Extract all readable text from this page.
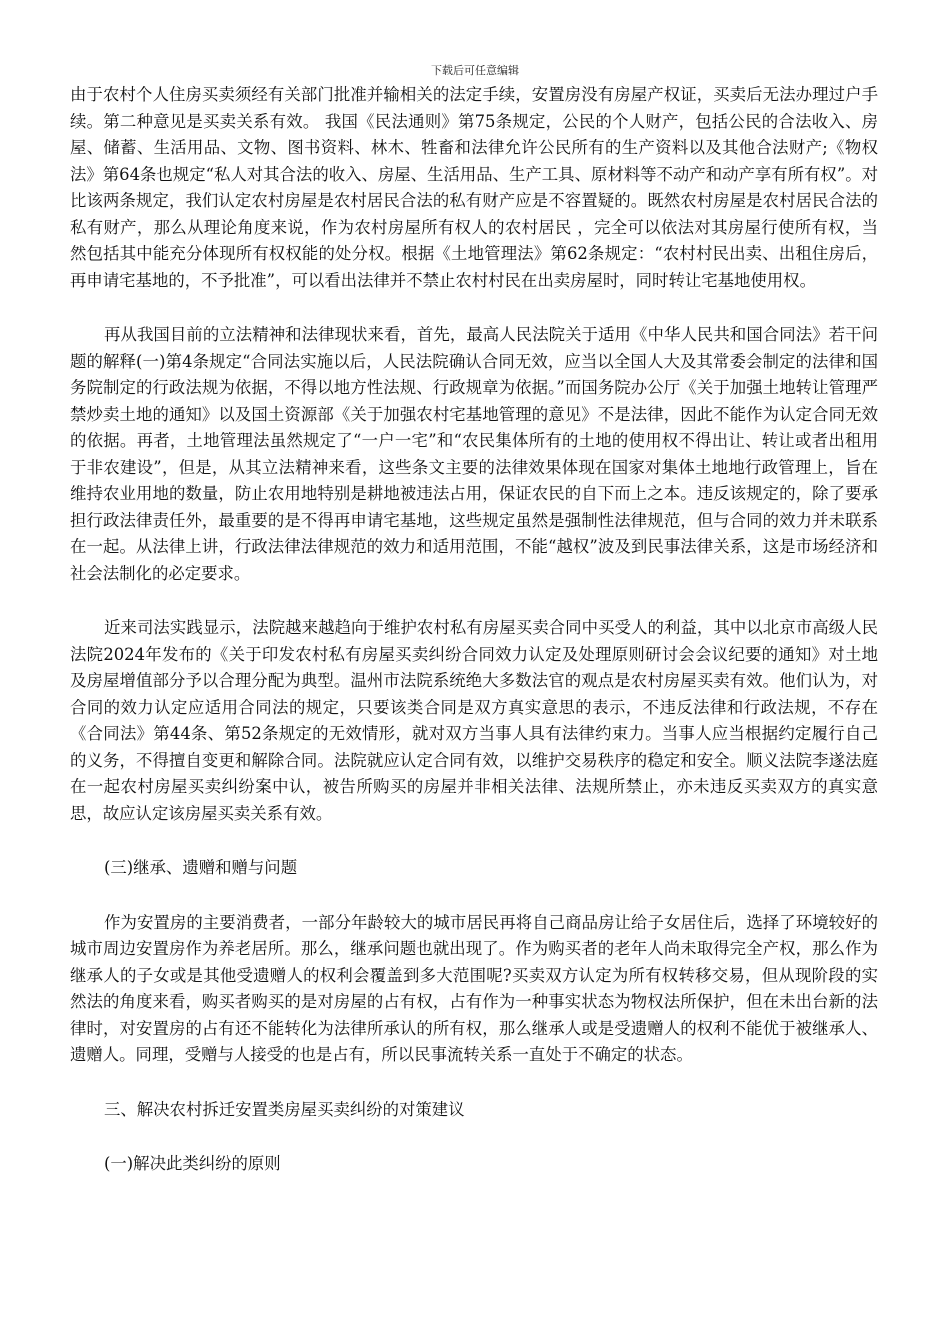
下载后可任意编辑

由于农村个人住房买卖须经有关部门批准并输相关的法定手续，安置房没有房屋产权证，买卖后无法办理过户手续。第二种意见是买卖关系有效。 我国《民法通则》第75条规定，公民的个人财产，包括公民的合法收入、房屋、储蓄、生活用品、文物、图书资料、林木、牲畜和法律允许公民所有的生产资料以及其他合法财产;《物权法》第64条也规定“私人对其合法的收入、房屋、生活用品、生产工具、原材料等不动产和动产享有所有权”。对比该两条规定，我们认定农村房屋是农村居民合法的私有财产应是不容置疑的。既然农村房屋是农村居民合法的私有财产，那么从理论角度来说，作为农村房屋所有权人的农村居民 ，完全可以依法对其房屋行使所有权，当然包括其中能充分体现所有权权能的处分权。根据《土地管理法》第62条规定：“农村村民出卖、出租住房后，再申请宅基地的，不予批准”，可以看出法律并不禁止农村村民在出卖房屋时，同时转让宅基地使用权。

再从我国目前的立法精神和法律现状来看，首先，最高人民法院关于适用《中华人民共和国合同法》若干问题的解释(一)第4条规定“合同法实施以后，人民法院确认合同无效，应当以全国人大及其常委会制定的法律和国务院制定的行政法规为依据，不得以地方性法规、行政规章为依据。”而国务院办公厅《关于加强土地转让管理严禁炒卖土地的通知》以及国土资源部《关于加强农村宅基地管理的意见》不是法律，因此不能作为认定合同无效的依据。再者，土地管理法虽然规定了“一户一宅”和“农民集体所有的土地的使用权不得出让、转让或者出租用于非农建设”，但是，从其立法精神来看，这些条文主要的法律效果体现在国家对集体土地地行政管理上，旨在维持农业用地的数量，防止农用地特别是耕地被违法占用，保证农民的自下而上之本。违反该规定的，除了要承担行政法律责任外，最重要的是不得再申请宅基地，这些规定虽然是强制性法律规范，但与合同的效力并未联系在一起。从法律上讲，行政法律法律规范的效力和适用范围，不能“越权”波及到民事法律关系，这是市场经济和社会法制化的必定要求。

近来司法实践显示，法院越来越趋向于维护农村私有房屋买卖合同中买受人的利益，其中以北京市高级人民法院2024年发布的《关于印发农村私有房屋买卖纠纷合同效力认定及处理原则研讨会会议纪要的通知》对土地及房屋增值部分予以合理分配为典型。温州市法院系统绝大多数法官的观点是农村房屋买卖有效。他们认为，对合同的效力认定应适用合同法的规定，只要该类合同是双方真实意思的表示，不违反法律和行政法规，不存在《合同法》第44条、第52条规定的无效情形，就对双方当事人具有法律约束力。当事人应当根据约定履行自己的义务，不得擅自变更和解除合同。法院就应认定合同有效，以维护交易秩序的稳定和安全。顺义法院李遂法庭在一起农村房屋买卖纠纷案中认，被告所购买的房屋并非相关法律、法规所禁止，亦未违反买卖双方的真实意思，故应认定该房屋买卖关系有效。

(三)继承、遗赠和赠与问题

作为安置房的主要消费者，一部分年龄较大的城市居民再将自己商品房让给子女居住后，选择了环境较好的城市周边安置房作为养老居所。那么，继承问题也就出现了。作为购买者的老年人尚未取得完全产权，那么作为继承人的子女或是其他受遗赠人的权利会覆盖到多大范围呢?买卖双方认定为所有权转移交易，但从现阶段的实然法的角度来看，购买者购买的是对房屋的占有权，占有作为一种事实状态为物权法所保护，但在未出台新的法律时，对安置房的占有还不能转化为法律所承认的所有权，那么继承人或是受遗赠人的权利不能优于被继承人、遗赠人。同理，受赠与人接受的也是占有，所以民事流转关系一直处于不确定的状态。

三、解决农村拆迁安置类房屋买卖纠纷的对策建议

(一)解决此类纠纷的原则
